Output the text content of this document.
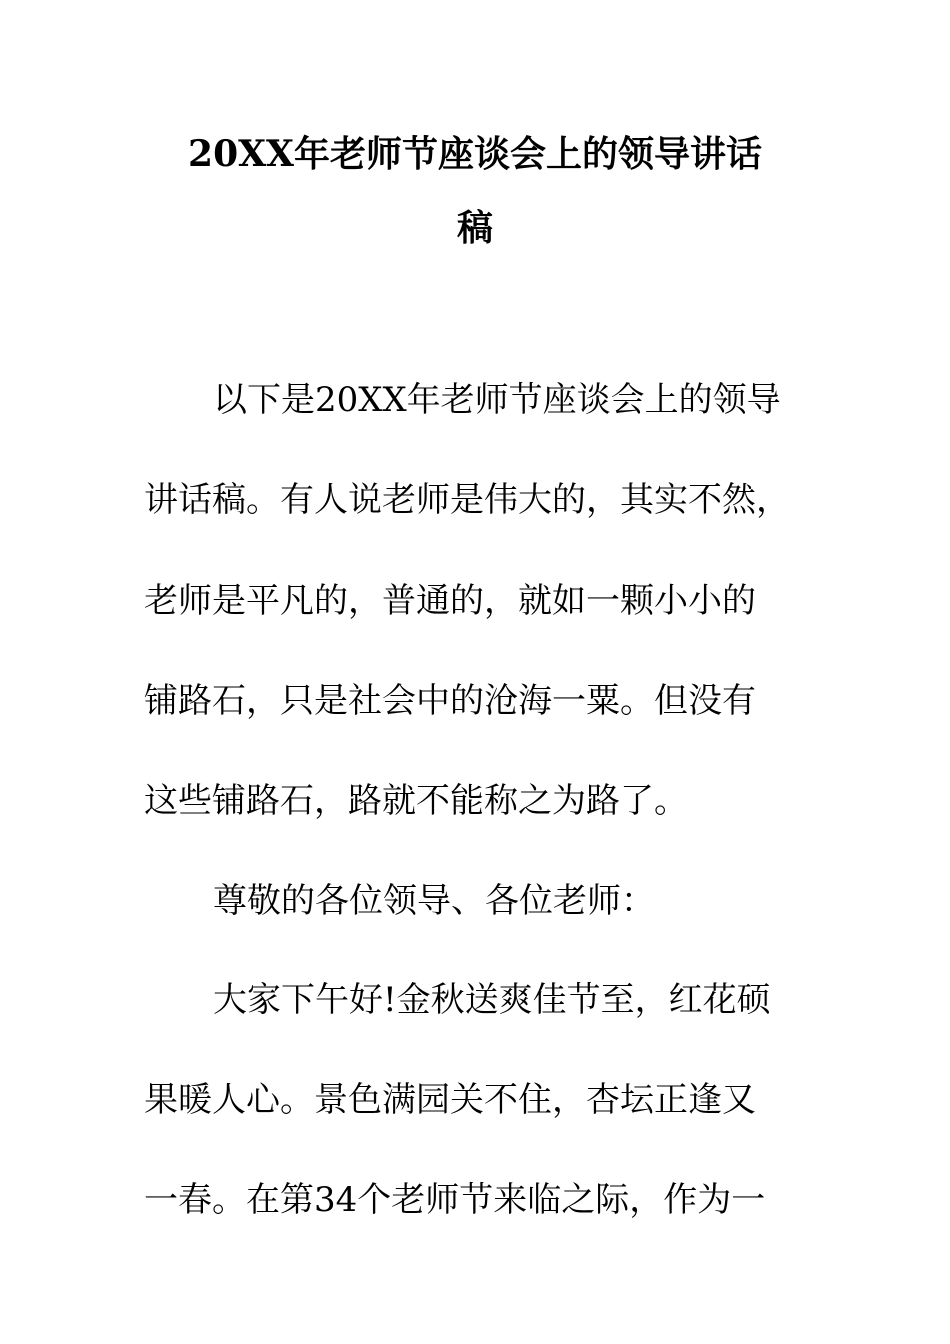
20XX年老师节座谈会上的领导讲话
稿

以下是20XX年老师节座谈会上的领导

讲话稿。有人说老师是伟大的，其实不然，

老师是平凡的，普通的，就如一颗小小的

铺路石，只是社会中的沧海一粟。但没有

这些铺路石，路就不能称之为路了。

尊敬的各位领导、各位老师：

大家下午好!金秋送爽佳节至，红花硕

果暖人心。景色满园关不住，杏坛正逢又

一春。在第34个老师节来临之际，作为一
